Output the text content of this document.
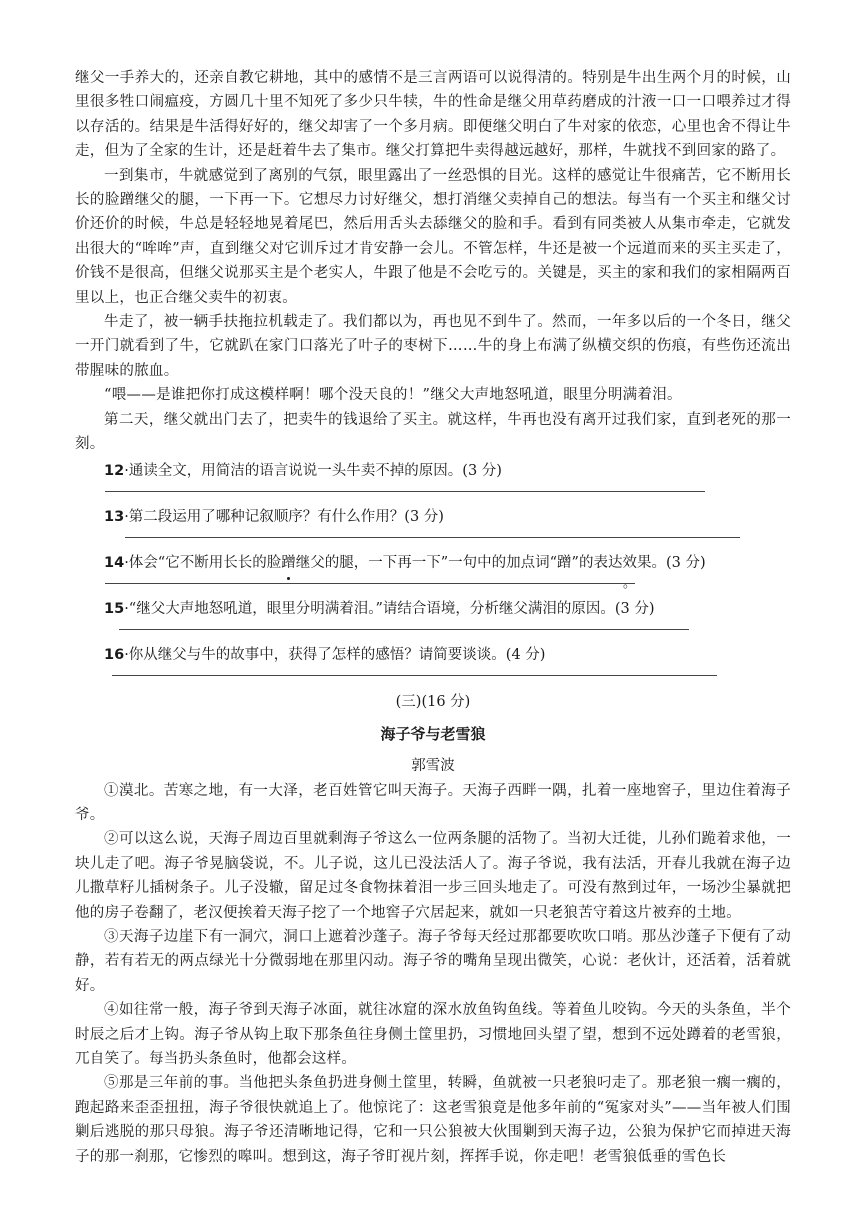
继父一手养大的，还亲自教它耕地，其中的感情不是三言两语可以说得清的。特别是牛出生两个月的时候，山里很多牲口闹瘟疫，方圆几十里不知死了多少只牛犊，牛的性命是继父用草药磨成的汁液一口一口喂养过才得以存活的。结果是牛活得好好的，继父却害了一个多月病。即便继父明白了牛对家的依恋，心里也舍不得让牛走，但为了全家的生计，还是赶着牛去了集市。继父打算把牛卖得越远越好，那样，牛就找不到回家的路了。

一到集市，牛就感觉到了离别的气氛，眼里露出了一丝恐惧的目光。这样的感觉让牛很痛苦，它不断用长长的脸蹭继父的腿，一下再一下。它想尽力讨好继父，想打消继父卖掉自己的想法。每当有一个买主和继父讨价还价的时候，牛总是轻轻地晃着尾巴，然后用舌头去舔继父的脸和手。看到有同类被人从集市牵走，它就发出很大的“哞哞”声，直到继父对它训斥过才肯安静一会儿。不管怎样，牛还是被一个远道而来的买主买走了，价钱不是很高，但继父说那买主是个老实人，牛跟了他是不会吃亏的。关键是，买主的家和我们的家相隔两百里以上，也正合继父卖牛的初衷。

牛走了，被一辆手扶拖拉机载走了。我们都以为，再也见不到牛了。然而，一年多以后的一个冬日，继父一开门就看到了牛，它就趴在家门口落光了叶子的枣树下……牛的身上布满了纵横交织的伤痕，有些伤还流出带腥味的脓血。

“喂——是谁把你打成这模样啊！哪个没天良的！”继父大声地怒吼道，眼里分明满着泪。

第二天，继父就出门去了，把卖牛的钱退给了买主。就这样，牛再也没有离开过我们家，直到老死的那一刻。

12·通读全文，用简洁的语言说说一头牛卖不掉的原因。(3 分)
13·第二段运用了哪种记叙顺序？有什么作用？(3 分)
14·体会“它不断用长长的脸蹭继父的腿，一下再一下”一句中的加点词“蹭”的表达效果。(3 分)
。
15·“继父大声地怒吼道，眼里分明满着泪。”请结合语境，分析继父满泪的原因。(3 分)
16·你从继父与牛的故事中，获得了怎样的感悟？请简要谈谈。(4 分)
(三)(16 分)
海子爷与老雪狼
郭雪波

①漠北。苦寒之地，有一大泽，老百姓管它叫天海子。天海子西畔一隅，扎着一座地窖子，里边住着海子爷。

②可以这么说，天海子周边百里就剩海子爷这么一位两条腿的活物了。当初大迁徙，儿孙们跪着求他，一块儿走了吧。海子爷晃脑袋说，不。儿子说，这儿已没法活人了。海子爷说，我有法活，开春儿我就在海子边儿撒草籽儿插树条子。儿子没辙，留足过冬食物抹着泪一步三回头地走了。可没有熬到过年，一场沙尘暴就把他的房子卷翻了，老汉便挨着天海子挖了一个地窖子穴居起来，就如一只老狼苦守着这片被弃的土地。

③天海子边崖下有一洞穴，洞口上遮着沙蓬子。海子爷每天经过那都要吹吹口哨。那丛沙蓬子下便有了动静，若有若无的两点绿光十分微弱地在那里闪动。海子爷的嘴角呈现出微笑，心说：老伙计，还活着，活着就好。

④如往常一般，海子爷到天海子冰面，就往冰窟的深水放鱼钩鱼线。等着鱼儿咬钩。今天的头条鱼，半个时辰之后才上钩。海子爷从钩上取下那条鱼往身侧土筐里扔，习惯地回头望了望，想到不远处蹲着的老雪狼，兀自笑了。每当扔头条鱼时，他都会这样。

⑤那是三年前的事。当他把头条鱼扔进身侧土筐里，转瞬，鱼就被一只老狼叼走了。那老狼一瘸一瘸的，跑起路来歪歪扭扭，海子爷很快就追上了。他惊诧了：这老雪狼竟是他多年前的“冤家对头”——当年被人们围剿后逃脱的那只母狼。海子爷还清晰地记得，它和一只公狼被大伙围剿到天海子边，公狼为保护它而掉进天海子的那一刹那，它惨烈的嗥叫。想到这，海子爷盯视片刻，挥挥手说，你走吧！老雪狼低垂的雪色长
